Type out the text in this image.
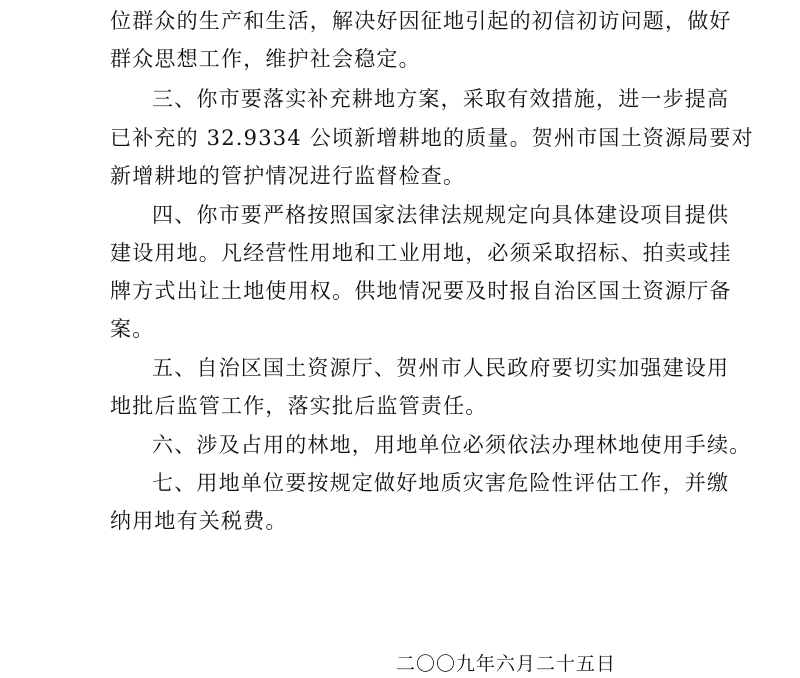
位群众的生产和生活，解决好因征地引起的初信初访问题，做好
群众思想工作，维护社会稳定。
三、你市要落实补充耕地方案，采取有效措施，进一步提高
已补充的 32.9334 公顷新增耕地的质量。贺州市国土资源局要对
新增耕地的管护情况进行监督检查。
四、你市要严格按照国家法律法规规定向具体建设项目提供
建设用地。凡经营性用地和工业用地，必须采取招标、拍卖或挂
牌方式出让土地使用权。供地情况要及时报自治区国土资源厅备
案。
五、自治区国土资源厅、贺州市人民政府要切实加强建设用
地批后监管工作，落实批后监管责任。
六、涉及占用的林地，用地单位必须依法办理林地使用手续。
七、用地单位要按规定做好地质灾害危险性评估工作，并缴
纳用地有关税费。
二〇〇九年六月二十五日
